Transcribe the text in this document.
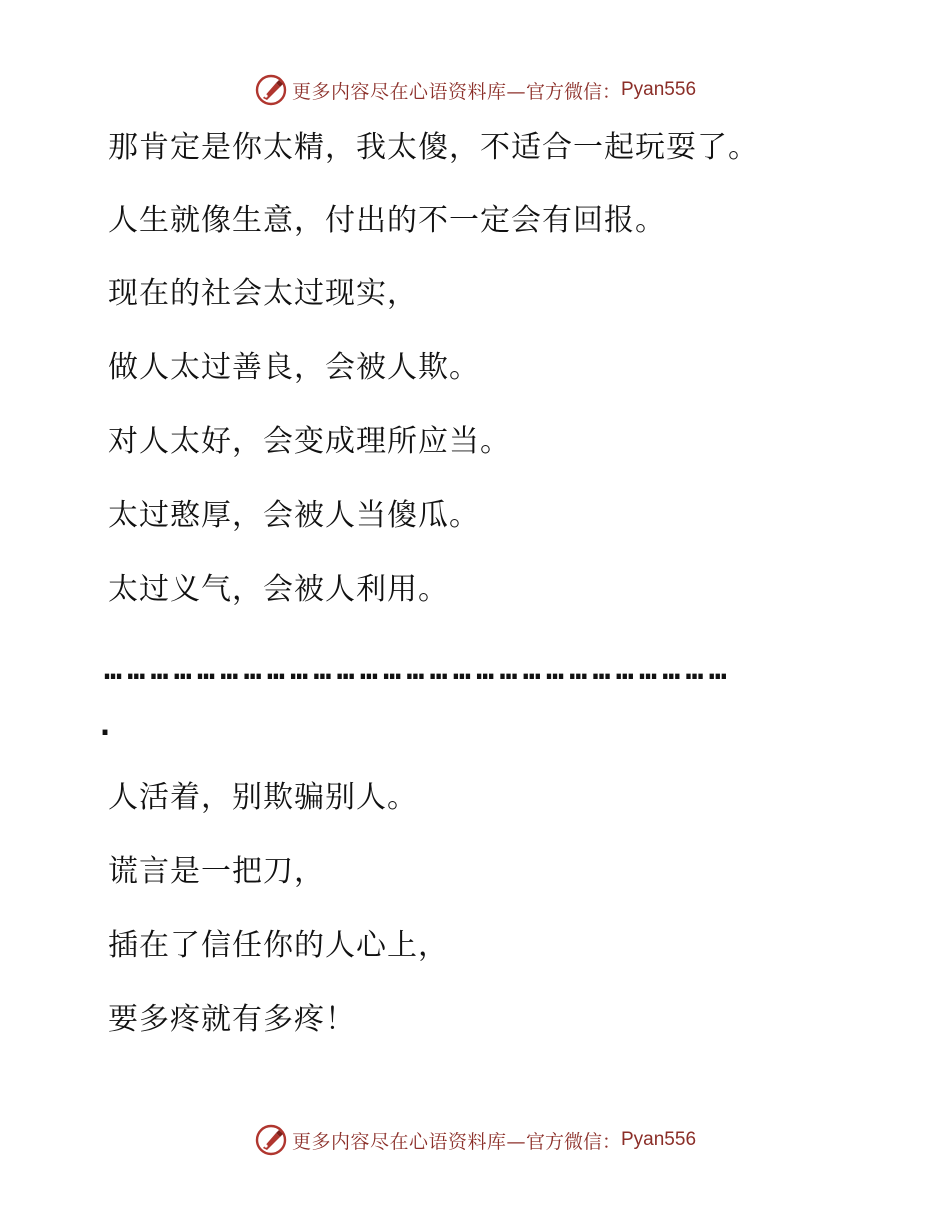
更多内容尽在心语资料库— 官方微信： Pyan556
那肯定是你太精，我太傻，不适合一起玩耍了。
人生就像生意，付出的不一定会有回报。
现在的社会太过现实，
做人太过善良，会被人欺。
对人太好，会变成理所应当。
太过憨厚，会被人当傻瓜。
太过义气，会被人利用。
………………………………………………………………………
.
人活着，别欺骗别人。
谎言是一把刀，
插在了信任你的人心上，
要多疼就有多疼！
更多内容尽在心语资料库— 官方微信： Pyan556
